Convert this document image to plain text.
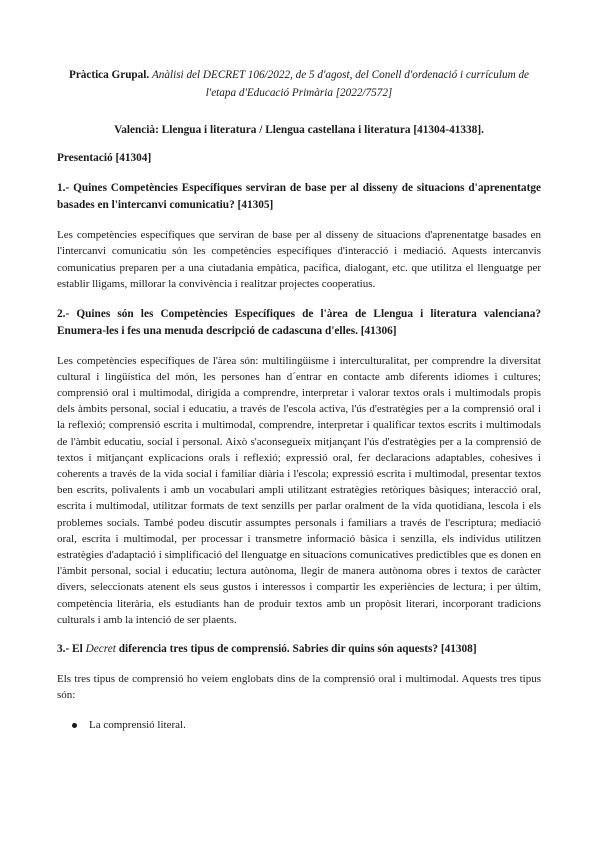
Pràctica Grupal. Anàlisi del DECRET 106/2022, de 5 d'agost, del Conell d'ordenació i currículum de l'etapa d'Educació Primària [2022/7572]

Valencià: Llengua i literatura / Llengua castellana i literatura [41304-41338].

Presentació [41304]

1.- Quines Competències Específiques serviran de base per al disseny de situacions d'aprenentatge basades en l'intercanvi comunicatiu? [41305]

Les competències específiques que serviran de base per al disseny de situacions d'aprenentatge basades en l'intercanvi comunicatiu són les competències específiques d'interacció i mediació. Aquests intercanvis comunicatius preparen per a una ciutadania empàtica, pacífica, dialogant, etc. que utilitza el llenguatge per establir lligams, millorar la convivència i realitzar projectes cooperatius.

2.- Quines són les Competències Específiques de l'àrea de Llengua i literatura valenciana? Enumera-les i fes una menuda descripció de cadascuna d'elles. [41306]

Les competències específiques de l'àrea són: multilingüisme i interculturalitat, per comprendre la diversitat cultural i lingüística del món, les persones han d´entrar en contacte amb diferents idiomes i cultures; comprensió oral i multimodal, dirigida a comprendre, interpretar i valorar textos orals i multimodals propis dels àmbits personal, social i educatiu, a través de l'escola activa, l'ús d'estratègies per a la comprensió oral i la reflexió; comprensió escrita i multimodal, comprendre, interpretar i qualificar textos escrits i multimodals de l'àmbit educatiu, social i personal. Això s'aconsegueix mitjançant l'ús d'estratègies per a la comprensió de textos i mitjançant explicacions orals i reflexió; expressió oral, fer declaracions adaptables, cohesives i coherents a través de la vida social i familiar diària i l'escola; expressió escrita i multimodal, presentar textos ben escrits, polivalents i amb un vocabulari ampli utilitzant estratègies retòriques bàsiques; interacció oral, escrita i multimodal, utilitzar formats de text senzills per parlar oralment de la vida quotidiana, lescola i els problemes socials. També podeu discutir assumptes personals i familiars a través de l'escriptura; mediació oral, escrita i multimodal, per processar i transmetre informació bàsica i senzilla, els individus utilitzen estratègies d'adaptació i simplificació del llenguatge en situacions comunicatives predictibles que es donen en l'àmbit personal, social i educatiu; lectura autònoma, llegir de manera autònoma obres i textos de caràcter divers, seleccionats atenent els seus gustos i interessos i compartir les experiències de lectura; i per últim, competència literària, els estudiants han de produir textos amb un propòsit literari, incorporant tradicions culturals i amb la intenció de ser plaents.

3.- El Decret diferencia tres tipus de comprensió. Sabries dir quins són aquests? [41308]

Els tres tipus de comprensió ho veiem englobats dins de la comprensió oral i multimodal. Aquests tres tipus són:

La comprensió literal.
